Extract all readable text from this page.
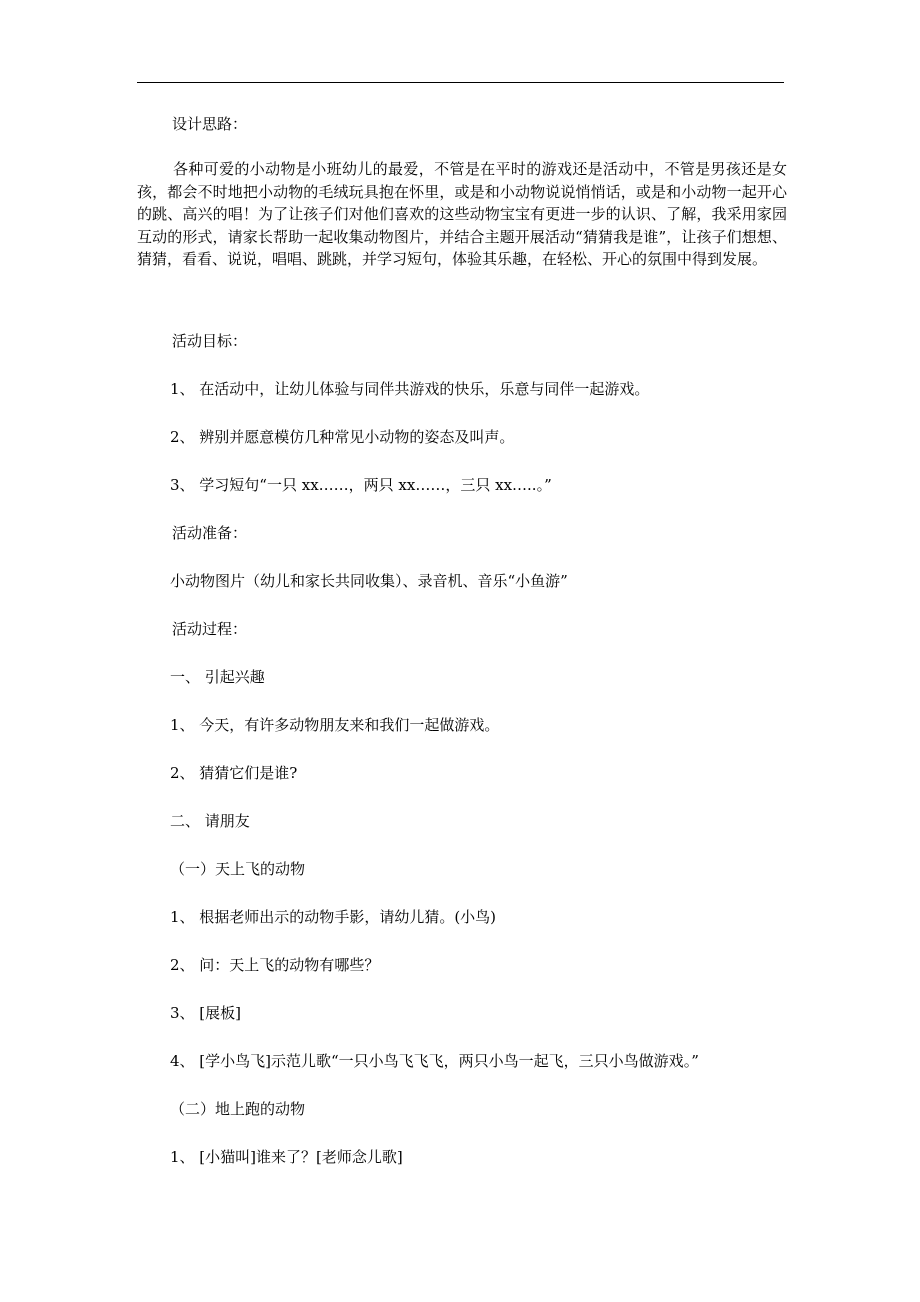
设计思路：

各种可爱的小动物是小班幼儿的最爱，不管是在平时的游戏还是活动中，不管是男孩还是女孩，都会不时地把小动物的毛绒玩具抱在怀里，或是和小动物说说悄悄话，或是和小动物一起开心的跳、高兴的唱！为了让孩子们对他们喜欢的这些动物宝宝有更进一步的认识、了解，我采用家园互动的形式，请家长帮助一起收集动物图片，并结合主题开展活动“猜猜我是谁”，让孩子们想想、猜猜，看看、说说，唱唱、跳跳，并学习短句，体验其乐趣，在轻松、开心的氛围中得到发展。

活动目标：

1、 在活动中，让幼儿体验与同伴共游戏的快乐，乐意与同伴一起游戏。

2、 辨别并愿意模仿几种常见小动物的姿态及叫声。

3、 学习短句“一只 xx……，两只 xx……，三只 xx…..。”

活动准备：

小动物图片（幼儿和家长共同收集）、录音机、音乐“小鱼游”

活动过程：

一、 引起兴趣

1、 今天，有许多动物朋友来和我们一起做游戏。

2、 猜猜它们是谁?

二、 请朋友

（一）天上飞的动物

1、 根据老师出示的动物手影，请幼儿猜。(小鸟)

2、 问：天上飞的动物有哪些？

3、 [展板]

4、 [学小鸟飞]示范儿歌“一只小鸟飞飞飞，两只小鸟一起飞，三只小鸟做游戏。”

（二）地上跑的动物

1、 [小猫叫]谁来了？[老师念儿歌]
